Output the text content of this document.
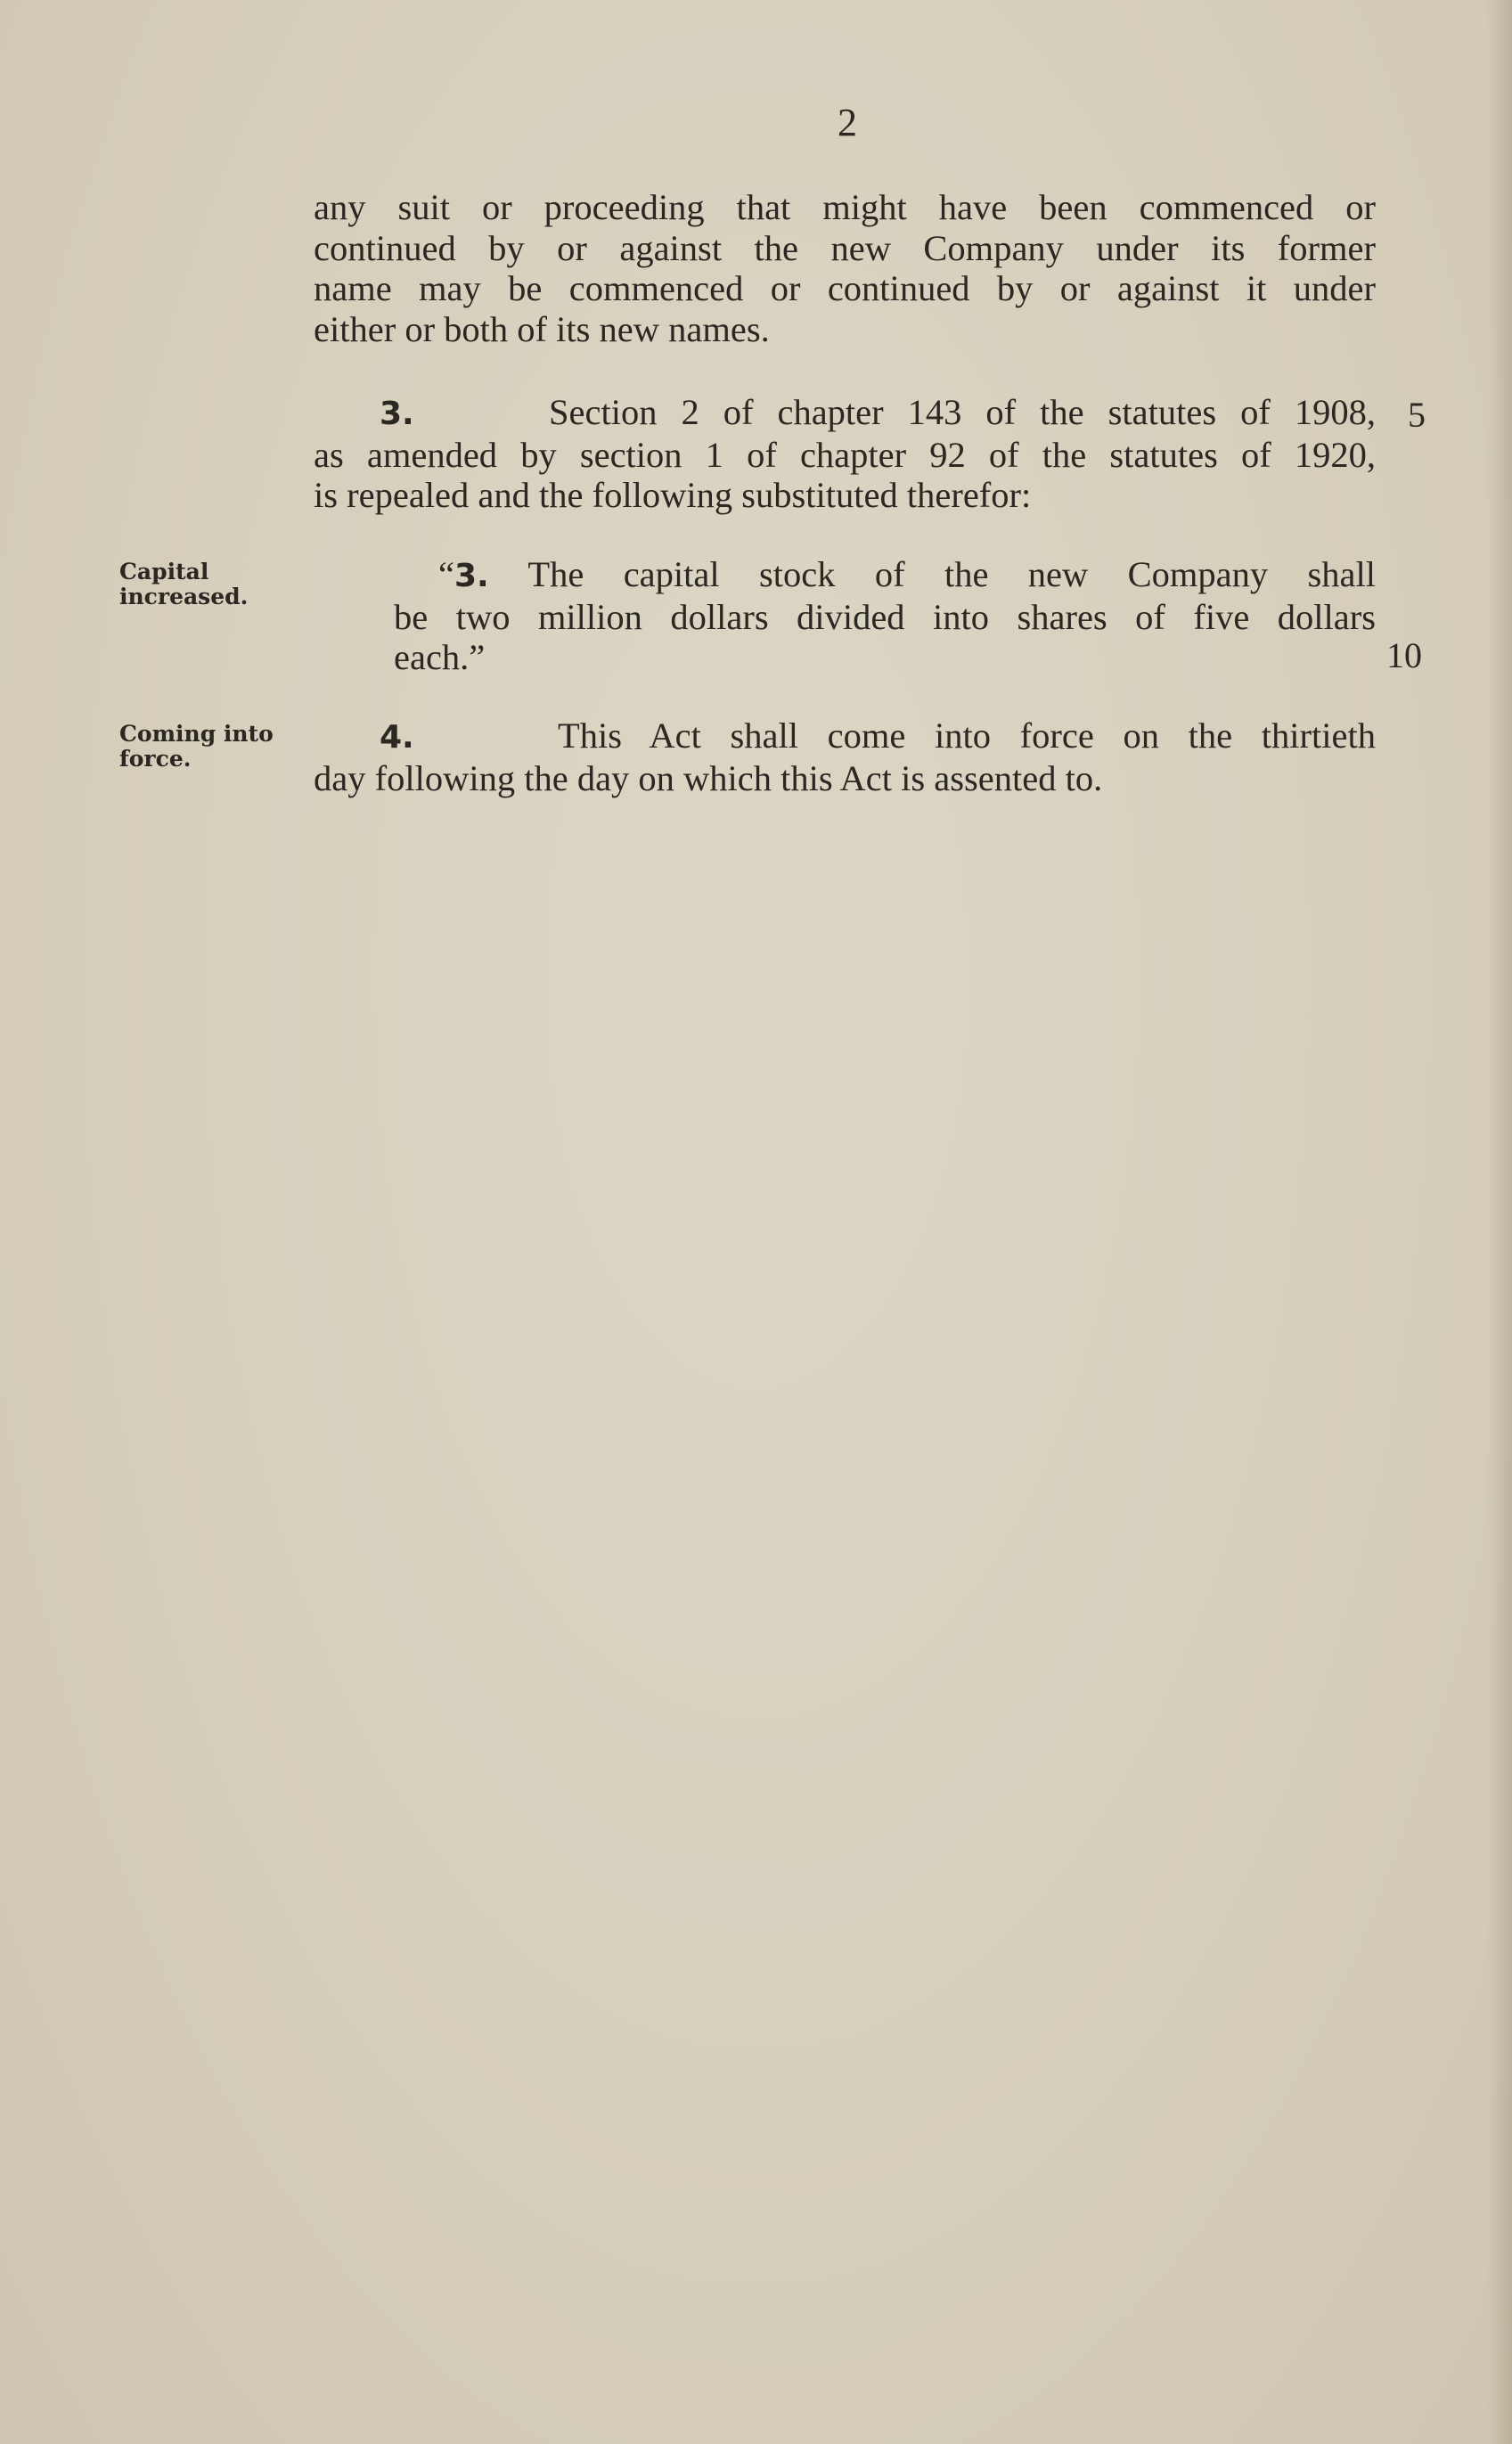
2

any suit or proceeding that might have been commenced or
continued by or against the new Company under its former
name may be commenced or continued by or against it under
either or both of its new names.
3.	Section 2 of chapter 143 of the statutes of 1908,
as amended by section 1 of chapter 92 of the statutes of 1920,
is repealed and the following substituted therefor:
“3. The capital stock of the new Company shall
be two million dollars divided into shares of five dollars
each.”
4.	This Act shall come into force on the thirtieth
day following the day on which this Act is assented to.
Capital
increased.
Coming into
force.

5

10
